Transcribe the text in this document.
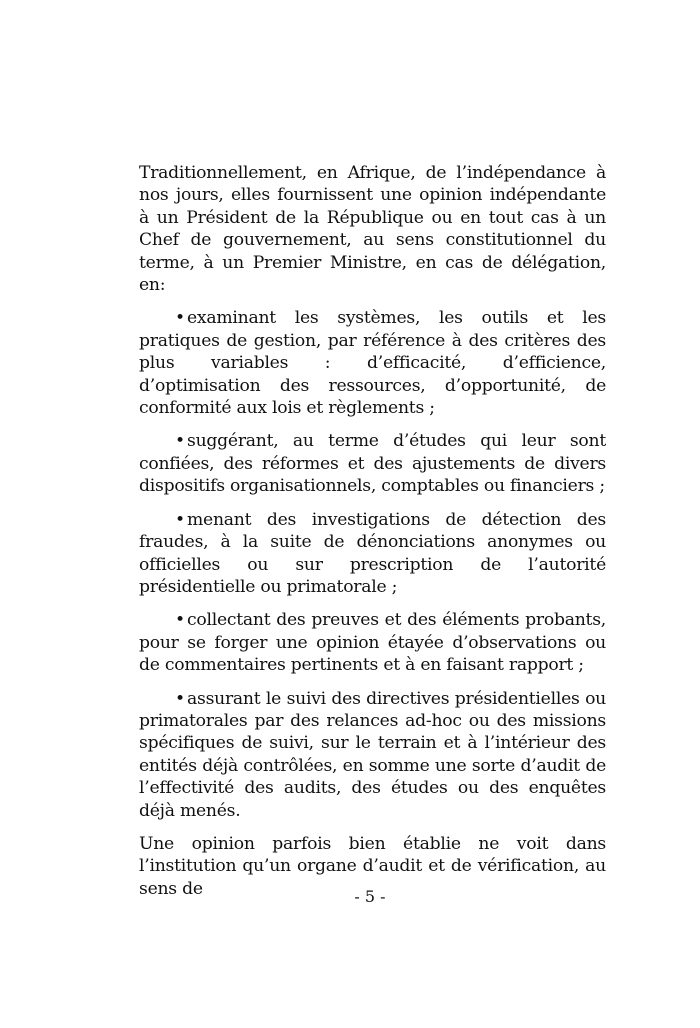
Traditionnellement, en Afrique, de l’indépendance à nos jours, elles fournissent une opinion indépendante à un Président de la République ou en tout cas à un Chef de gouvernement, au sens constitutionnel du terme, à un Premier Ministre, en cas de délégation, en:

• examinant les systèmes, les outils et les pratiques de gestion, par référence à des critères des plus variables : d’efficacité, d’efficience, d’optimisation des ressources, d’opportunité, de conformité aux lois et règlements ;

• suggérant, au terme d’études qui leur sont confiées, des réformes et des ajustements de divers dispositifs organisationnels, comptables ou financiers ;

• menant des investigations de détection des fraudes, à la suite de dénonciations anonymes ou officielles ou sur prescription de l’autorité présidentielle ou primatorale ;

• collectant des preuves et des éléments probants, pour se forger une opinion étayée d’observations ou de commentaires pertinents et à en faisant rapport ;

• assurant le suivi des directives présidentielles ou primatorales par des relances ad-hoc ou des missions spécifiques de suivi, sur le terrain et à l’intérieur des entités déjà contrôlées, en somme une sorte d’audit de l’effectivité des audits, des études ou des enquêtes déjà menés.

Une opinion parfois bien établie ne voit dans l’institution qu’un organe d’audit et de vérification, au sens de	- 5 -
